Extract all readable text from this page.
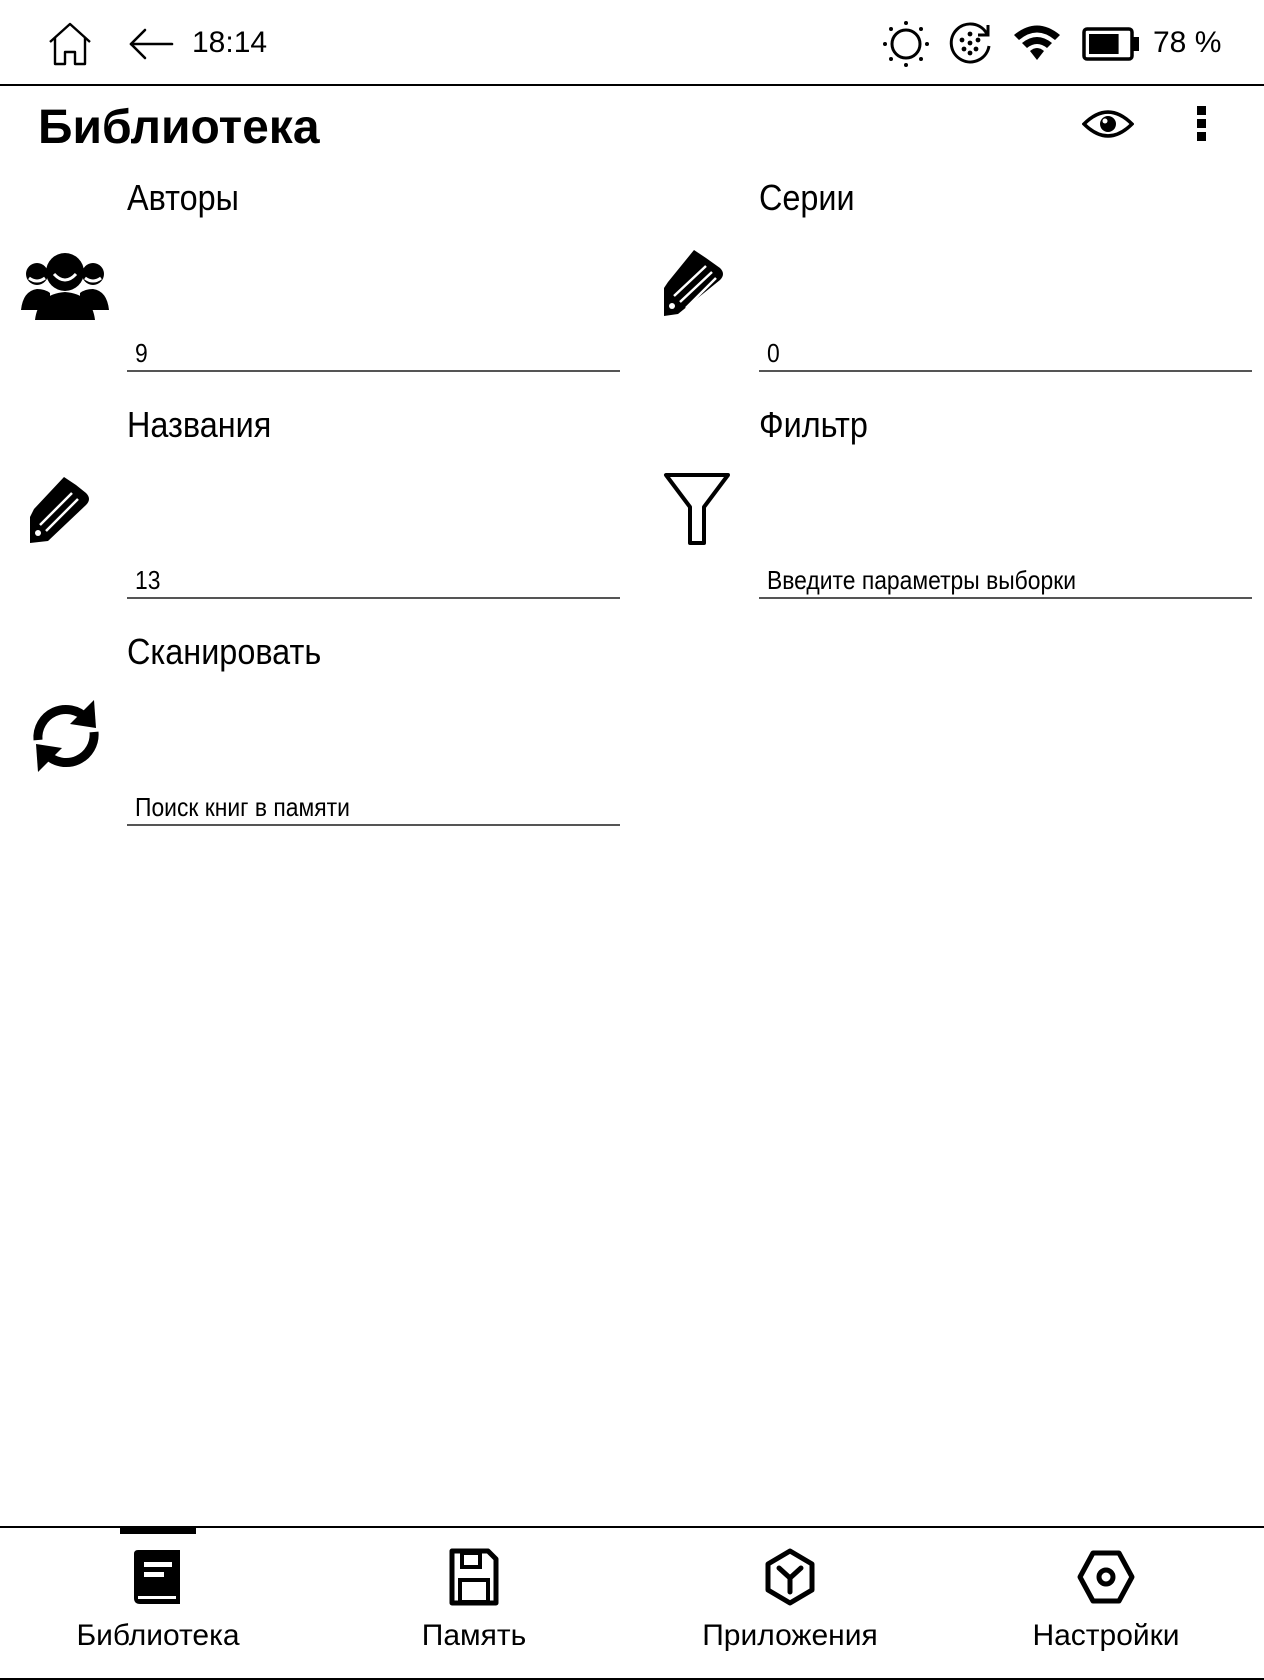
18:14	78 %
Библиотека
Авторы
9
Серии
0
Названия
13
Фильтр
Введите параметры выборки
Сканировать
Поиск книг в памяти
Библиотека	Память	Приложения	Настройки
